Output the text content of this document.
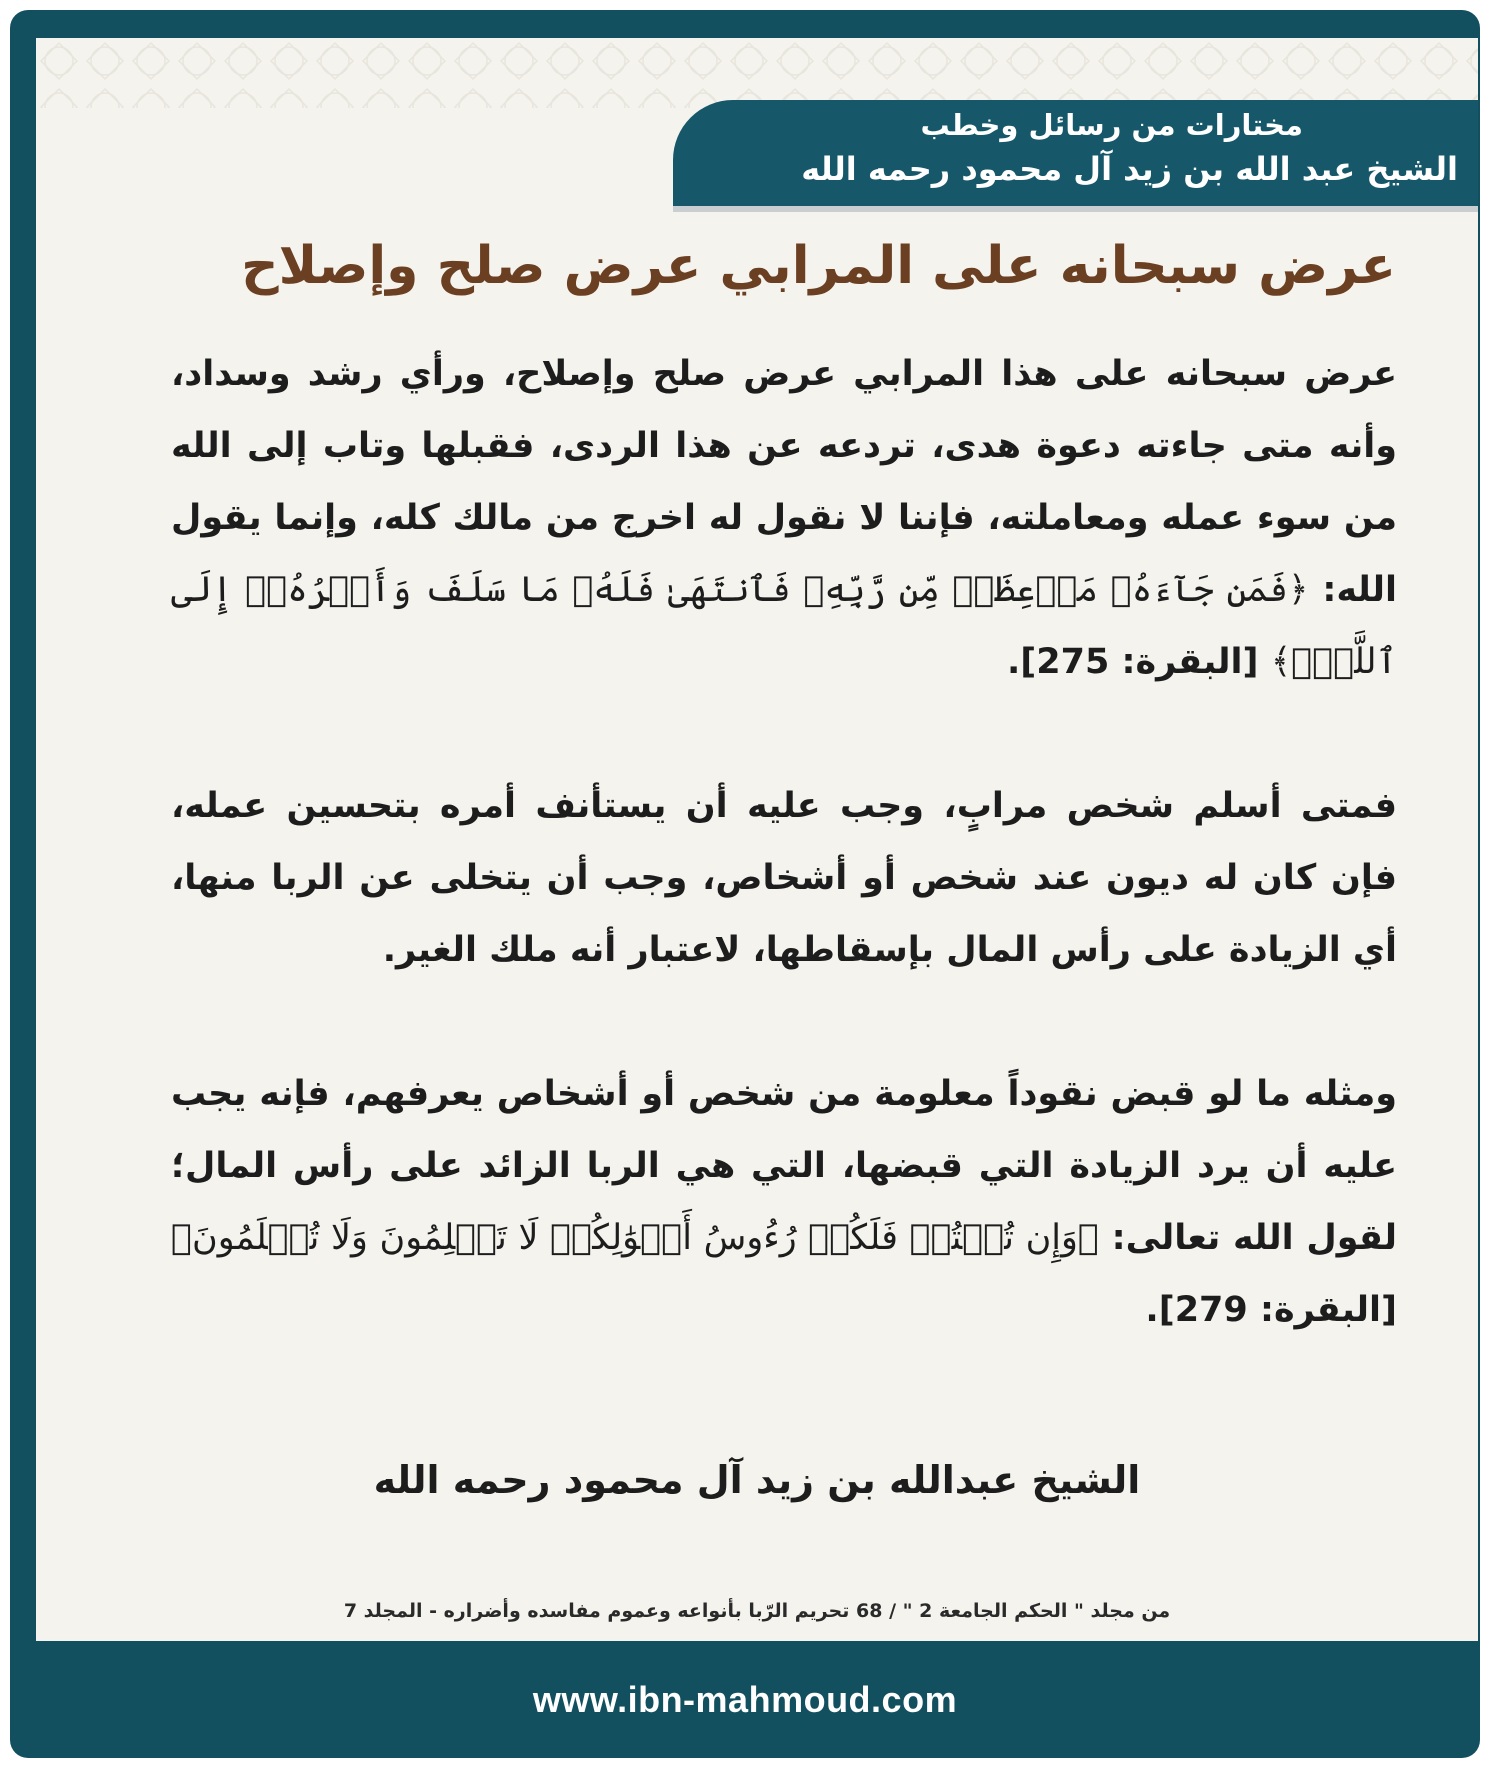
مختارات من رسائل وخطب
الشيخ عبد الله بن زيد آل محمود رحمه الله
عرض سبحانه على المرابي عرض صلح وإصلاح

عرض سبحانه على هذا المرابي عرض صلح وإصلاح، ورأي رشد وسداد، وأنه متى جاءته دعوة هدى، تردعه عن هذا الردى، فقبلها وتاب إلى الله من سوء عمله ومعاملته، فإننا لا نقول له اخرج من مالك كله، وإنما يقول الله: ﴿فَمَن جَآءَهُۥ مَوۡعِظَةٞ مِّن رَّبِّهِۦ فَٱنتَهَىٰ فَلَهُۥ مَا سَلَفَ وَأَمۡرُهُۥٓ إِلَى ٱللَّهِۖ﴾ [البقرة: 275].

فمتى أسلم شخص مرابٍ، وجب عليه أن يستأنف أمره بتحسين عمله، فإن كان له ديون عند شخص أو أشخاص، وجب أن يتخلى عن الربا منها، أي الزيادة على رأس المال بإسقاطها، لاعتبار أنه ملك الغير.

ومثله ما لو قبض نقوداً معلومة من شخص أو أشخاص يعرفهم، فإنه يجب عليه أن يرد الزيادة التي قبضها، التي هي الربا الزائد على رأس المال؛ لقول الله تعالى: ﴿وَإِن تُبۡتُمۡ فَلَكُمۡ رُءُوسُ أَمۡوَٰلِكُمۡ لَا تَظۡلِمُونَ وَلَا تُظۡلَمُونَ﴾ [البقرة: 279].

الشيخ عبدالله بن زيد آل محمود رحمه الله
من مجلد " الحكم الجامعة 2 " / 68 تحريم الرّبا بأنواعه وعموم مفاسده وأضراره - المجلد 7
www.ibn-mahmoud.com
